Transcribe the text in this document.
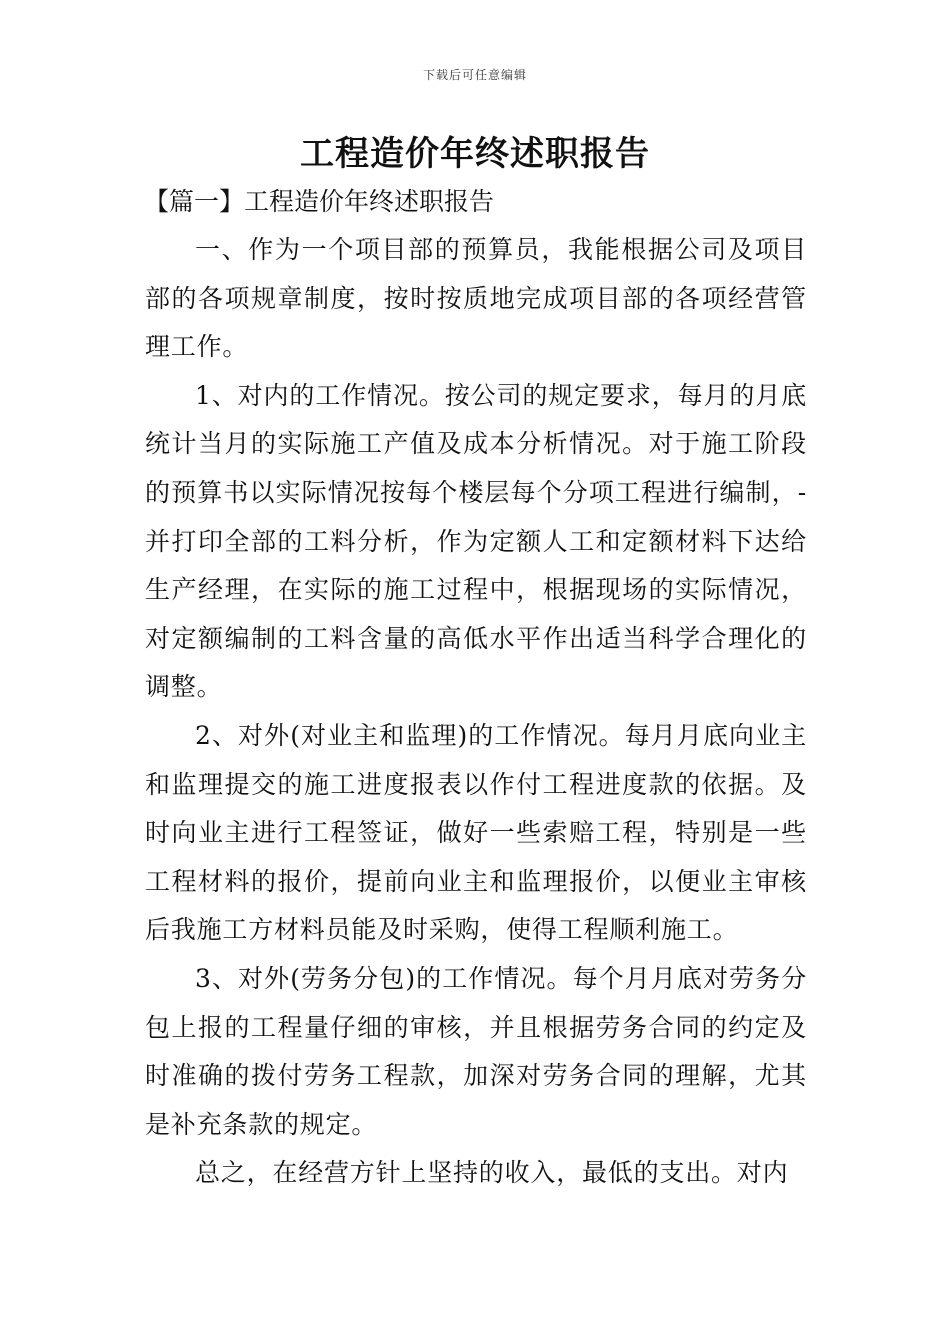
下载后可任意编辑
工程造价年终述职报告
【篇一】工程造价年终述职报告

一、作为一个项目部的预算员，我能根据公司及项目部的各项规章制度，按时按质地完成项目部的各项经营管理工作。

1、对内的工作情况。按公司的规定要求，每月的月底统计当月的实际施工产值及成本分析情况。对于施工阶段的预算书以实际情况按每个楼层每个分项工程进行编制，-并打印全部的工料分析，作为定额人工和定额材料下达给生产经理，在实际的施工过程中，根据现场的实际情况，对定额编制的工料含量的高低水平作出适当科学合理化的调整。

2、对外(对业主和监理)的工作情况。每月月底向业主和监理提交的施工进度报表以作付工程进度款的依据。及时向业主进行工程签证，做好一些索赔工程，特别是一些工程材料的报价，提前向业主和监理报价，以便业主审核后我施工方材料员能及时采购，使得工程顺利施工。

3、对外(劳务分包)的工作情况。每个月月底对劳务分包上报的工程量仔细的审核，并且根据劳务合同的约定及时准确的拨付劳务工程款，加深对劳务合同的理解，尤其是补充条款的规定。

总之，在经营方针上坚持的收入，最低的支出。对内
